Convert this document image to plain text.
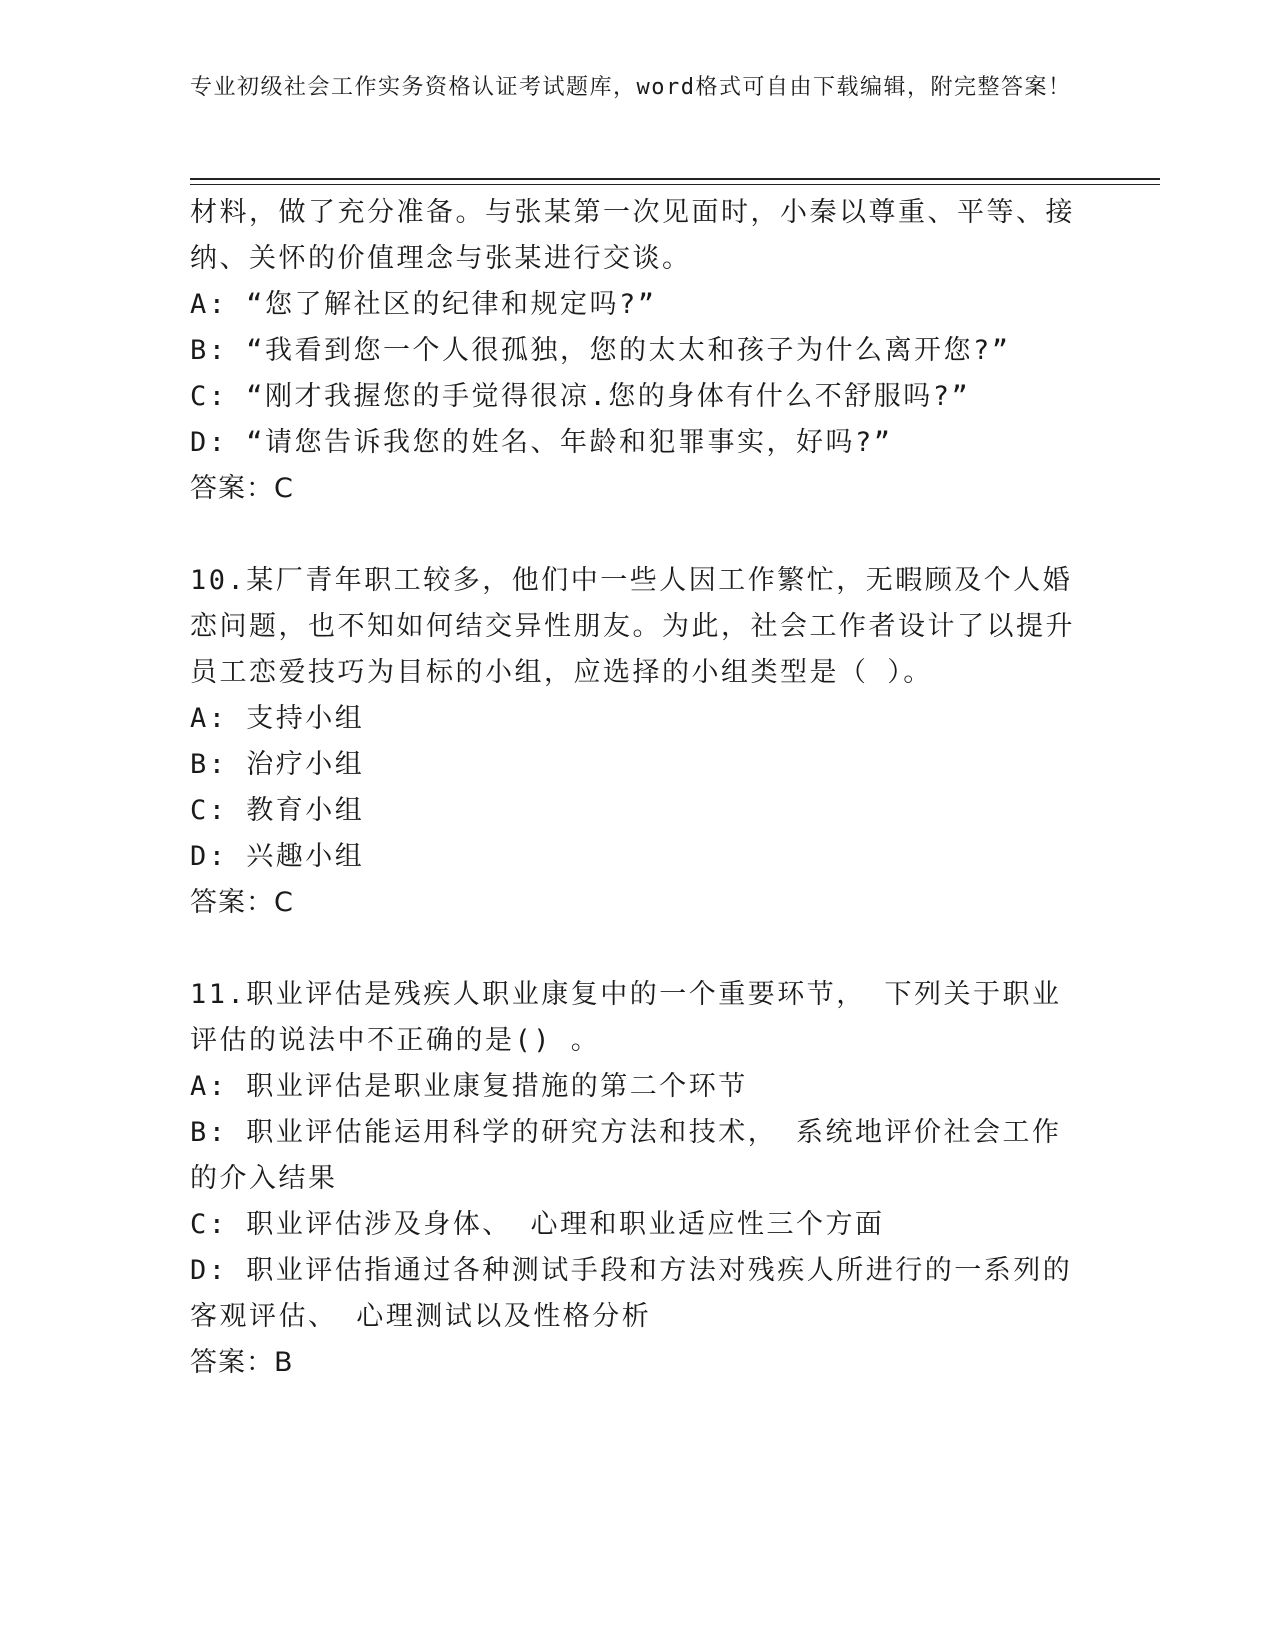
专业初级社会工作实务资格认证考试题库，word格式可自由下载编辑，附完整答案！

材料，做了充分准备。与张某第一次见面时，小秦以尊重、平等、接纳、关怀的价值理念与张某进行交谈。

A: “您了解社区的纪律和规定吗?”

B: “我看到您一个人很孤独，您的太太和孩子为什么离开您?”

C: “刚才我握您的手觉得很凉.您的身体有什么不舒服吗?”

D: “请您告诉我您的姓名、年龄和犯罪事实，好吗?”

答案：C

10.某厂青年职工较多，他们中一些人因工作繁忙，无暇顾及个人婚恋问题，也不知如何结交异性朋友。为此，社会工作者设计了以提升员工恋爱技巧为目标的小组，应选择的小组类型是（ ）。

A: 支持小组

B: 治疗小组

C: 教育小组

D: 兴趣小组

答案：C

11.职业评估是残疾人职业康复中的一个重要环节， 下列关于职业评估的说法中不正确的是() 。

A: 职业评估是职业康复措施的第二个环节

B: 职业评估能运用科学的研究方法和技术， 系统地评价社会工作的介入结果

C: 职业评估涉及身体、 心理和职业适应性三个方面

D: 职业评估指通过各种测试手段和方法对残疾人所进行的一系列的客观评估、 心理测试以及性格分析

答案：B
